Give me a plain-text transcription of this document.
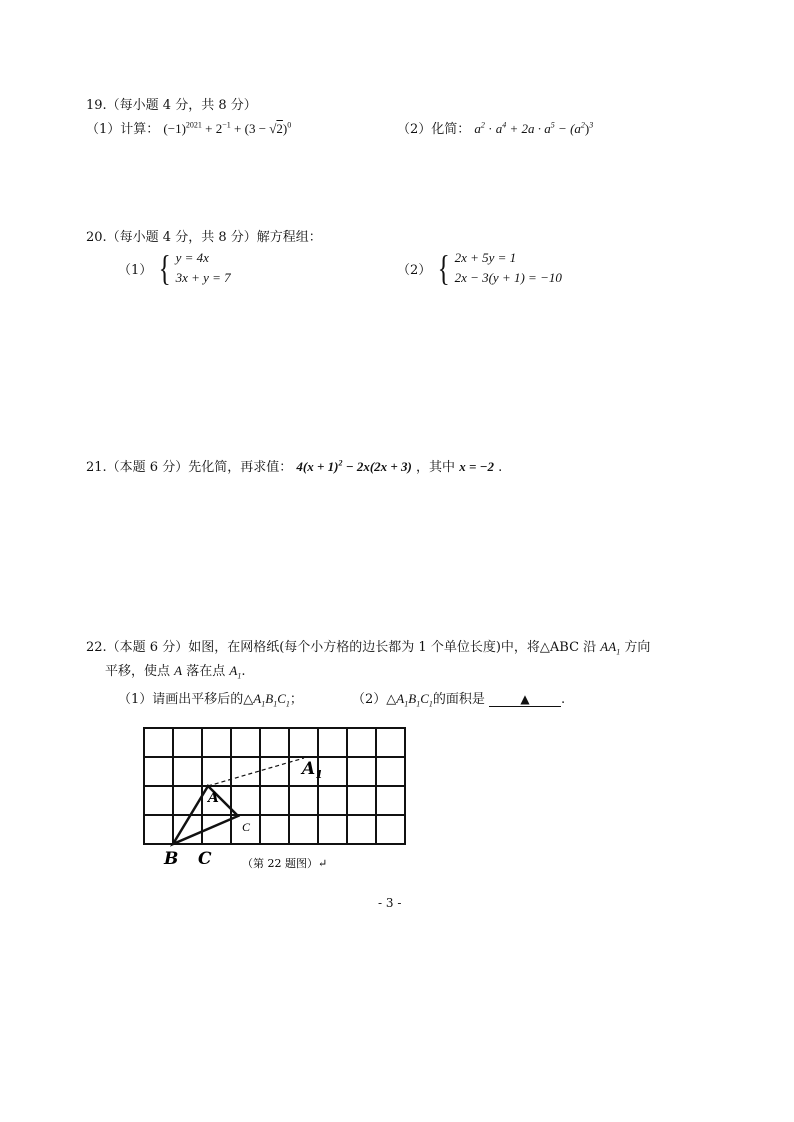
19.（每小题 4 分，共 8 分）
（1）计算： $(-1)^{2021} + 2^{-1} + (3 - √2)^0$	（2）化简： $a^2 \cdot a^4 + 2a \cdot a^5 - (a^2)^3$
20.（每小题 4 分，共 8 分）解方程组：
（1） { y = 4x
3x + y = 7	（2） { 2x + 5y = 1
2x − 3(y + 1) = −10
21.（本题 6 分）先化简，再求值： $4(x + 1)^2 - 2x(2x + 3)$ ，其中 x = −2 .
22.（本题 6 分）如图，在网格纸(每个小方格的边长都为 1 个单位长度)中，将△ABC 沿 $AA_1$ 方向
平移，使点 A 落在点 $A_1$.
（1）请画出平移后的$\triangle A_1B_1C_1$；	$(2)\triangle A_1B_1C_1$的面积是	▲ .
$A_1$
A
C
B C	（第 22 题图）↵
- 3 -
